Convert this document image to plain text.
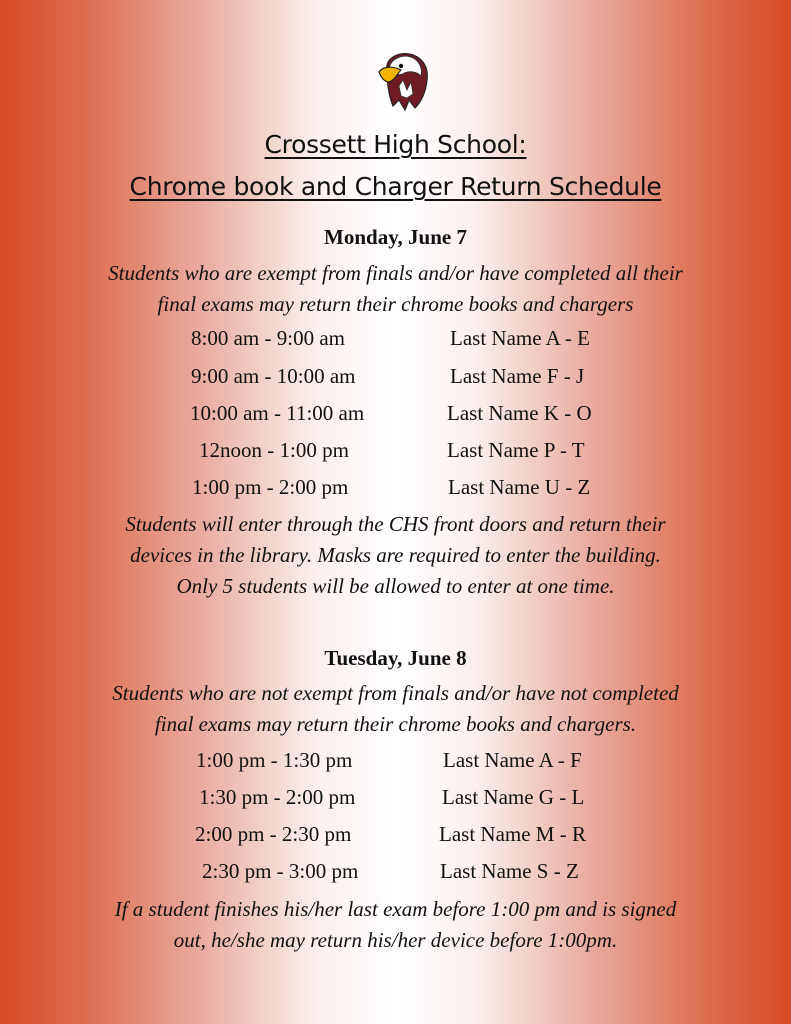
Crossett High School:
Chrome book and Charger Return Schedule
Monday, June 7
Students who are exempt from finals and/or have completed all their
final exams may return their chrome books and chargers
8:00 am - 9:00 am	Last Name A - E
9:00 am - 10:00 am	Last Name F - J
10:00 am - 11:00 am	Last Name K - O
12noon - 1:00 pm	Last Name P - T
1:00 pm - 2:00 pm	Last Name U - Z
Students will enter through the CHS front doors and return their
devices in the library. Masks are required to enter the building.
Only 5 students will be allowed to enter at one time.
Tuesday, June 8
Students who are not exempt from finals and/or have not completed
final exams may return their chrome books and chargers.
1:00 pm - 1:30 pm	Last Name A - F
1:30 pm - 2:00 pm	Last Name G - L
2:00 pm - 2:30 pm	Last Name M - R
2:30 pm - 3:00 pm	Last Name S - Z
If a student finishes his/her last exam before 1:00 pm and is signed
out, he/she may return his/her device before 1:00pm.
